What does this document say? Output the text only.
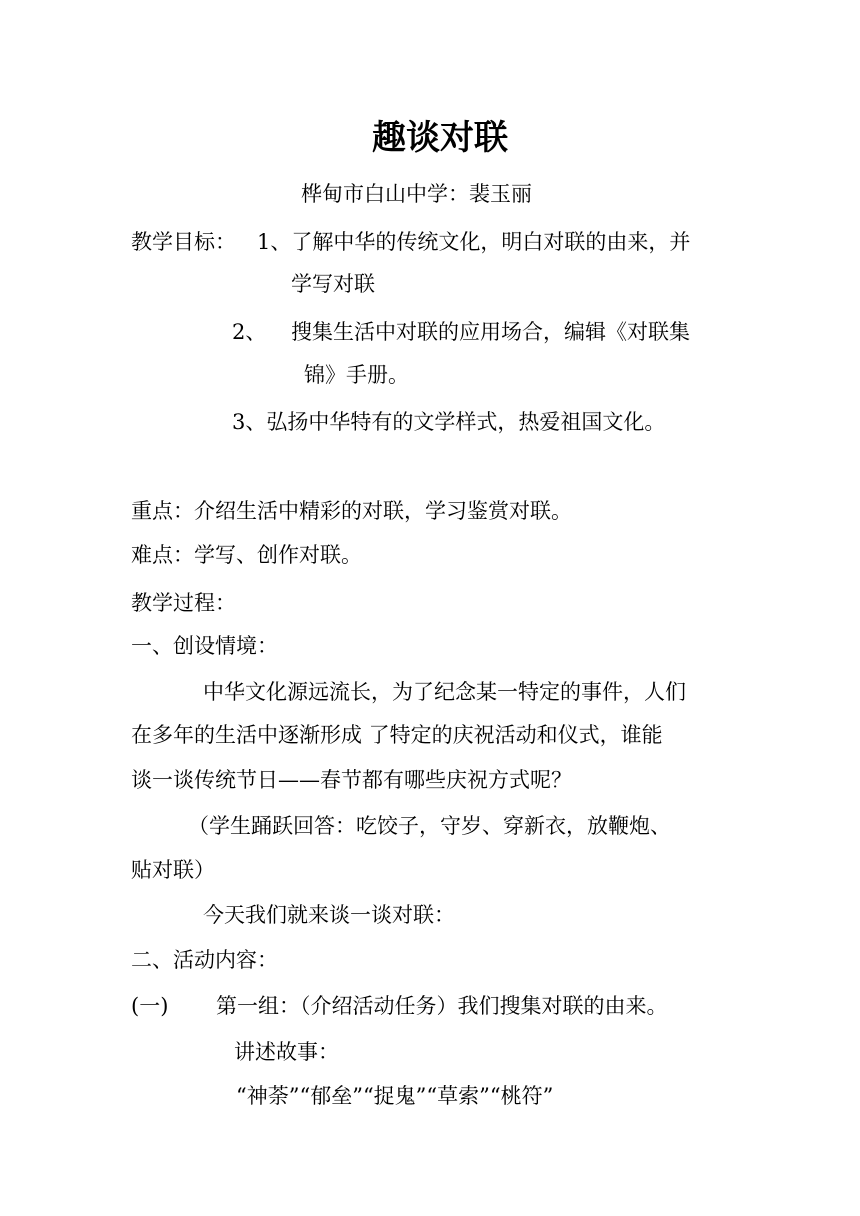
趣谈对联
桦甸市白山中学：裴玉丽
教学目标： 1、了解中华的传统文化，明白对联的由来，并
学写对联
2、 搜集生活中对联的应用场合，编辑《对联集
锦》手册。
3、弘扬中华特有的文学样式，热爱祖国文化。
重点：介绍生活中精彩的对联，学习鉴赏对联。
难点：学写、创作对联。
教学过程：
一、创设情境：
中华文化源远流长，为了纪念某一特定的事件，人们
在多年的生活中逐渐形成 了特定的庆祝活动和仪式，谁能
谈一谈传统节日——春节都有哪些庆祝方式呢？
（学生踊跃回答：吃饺子，守岁、穿新衣，放鞭炮、
贴对联）
今天我们就来谈一谈对联：
二、活动内容：
(一) 第一组：（介绍活动任务）我们搜集对联的由来。
讲述故事：
“神荼”“郁垒”“捉鬼”“草索”“桃符”
